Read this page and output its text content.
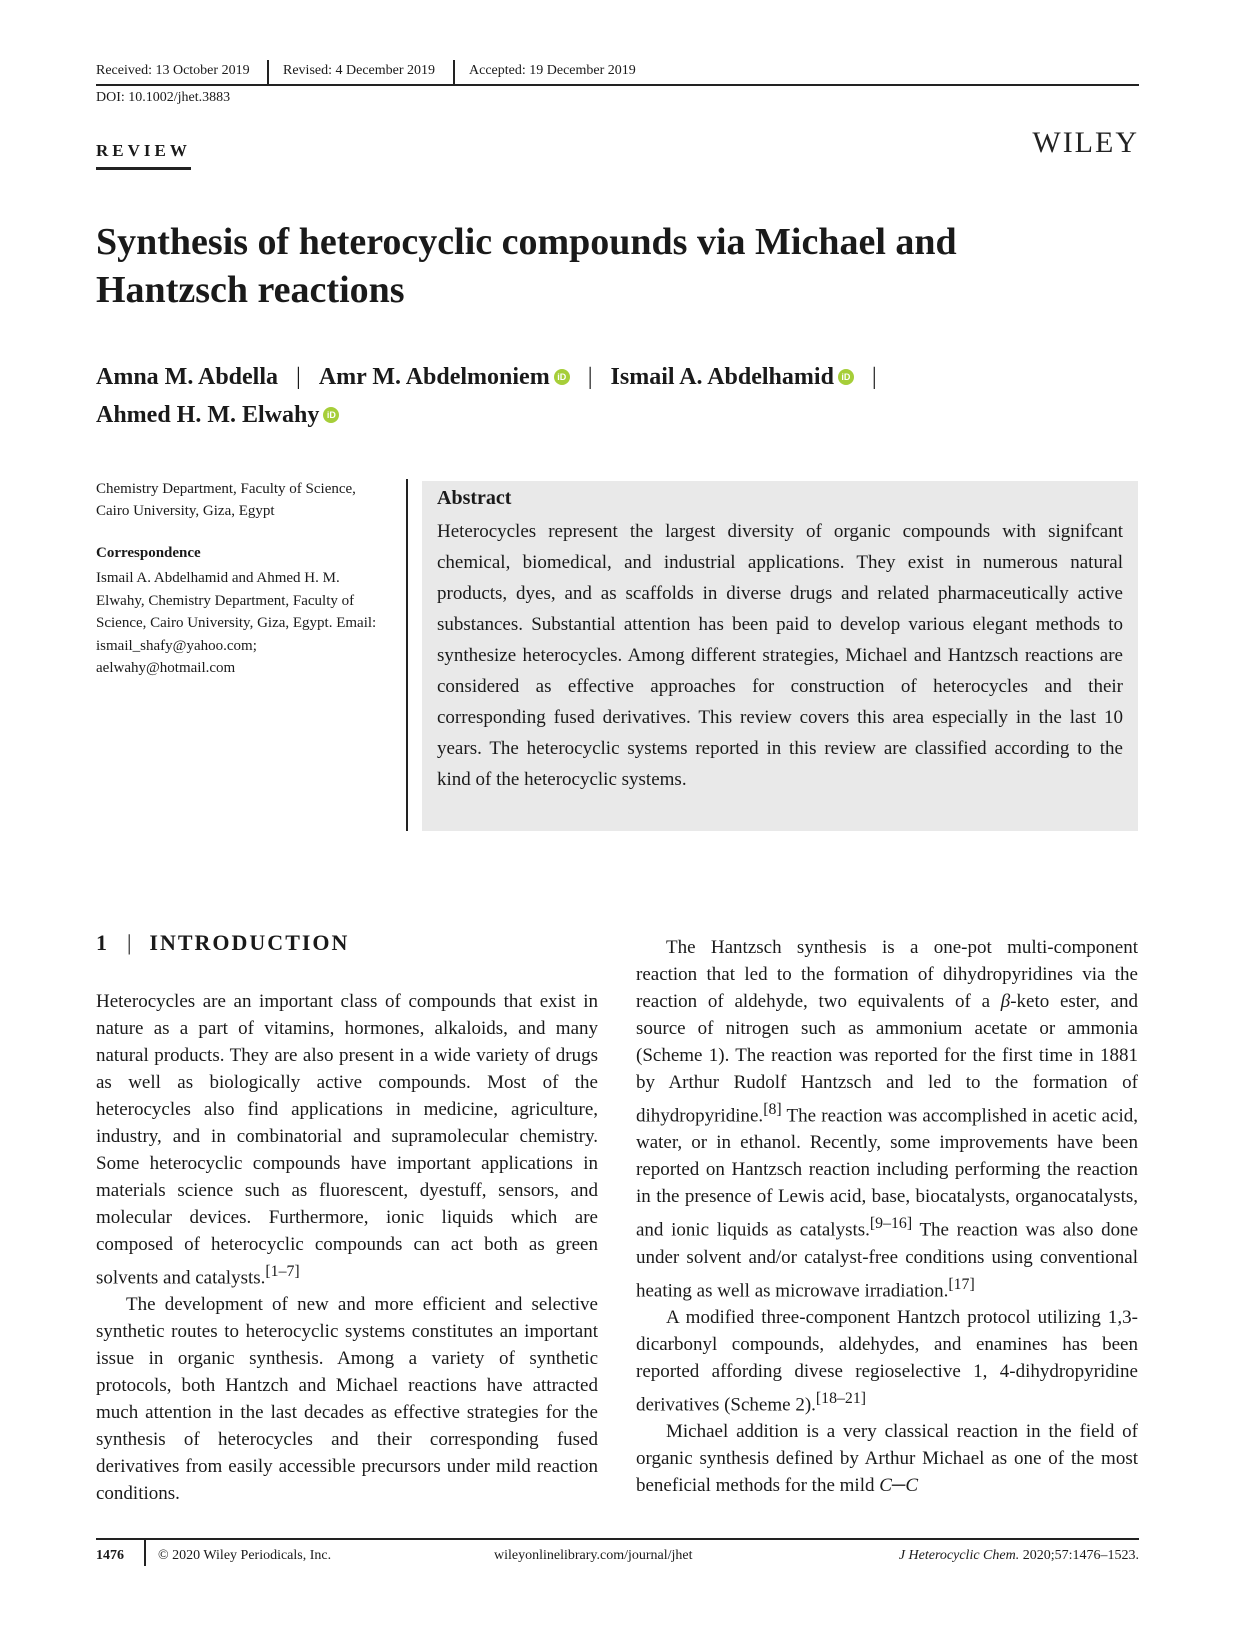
Received: 13 October 2019 Revised: 4 December 2019 Accepted: 19 December 2019
DOI: 10.1002/jhet.3883
REVIEW	WILEY
Synthesis of heterocyclic compounds via Michael and
Hantzsch reactions
Amna M. Abdella | Amr M. Abdelmoniem iD | Ismail A. Abdelhamid iD |
Ahmed H. M. Elwahy iD
Chemistry Department, Faculty of Science, Cairo University, Giza, Egypt
Correspondence
Ismail A. Abdelhamid and Ahmed H. M. Elwahy, Chemistry Department, Faculty of Science, Cairo University, Giza, Egypt. Email: ismail_shafy@yahoo.com; aelwahy@hotmail.com
Abstract
Heterocycles represent the largest diversity of organic compounds with signifcant chemical, biomedical, and industrial applications. They exist in numerous natural products, dyes, and as scaffolds in diverse drugs and related pharmaceutically active substances. Substantial attention has been paid to develop various elegant methods to synthesize heterocycles. Among different strategies, Michael and Hantzsch reactions are considered as effective approaches for construction of heterocycles and their corresponding fused derivatives. This review covers this area especially in the last 10 years. The heterocyclic systems reported in this review are classified according to the kind of the heterocyclic systems.
1 | INTRODUCTION

Heterocycles are an important class of compounds that exist in nature as a part of vitamins, hormones, alkaloids, and many natural products. They are also present in a wide variety of drugs as well as biologically active compounds. Most of the heterocycles also find applications in medicine, agriculture, industry, and in combinatorial and supramolecular chemistry. Some heterocyclic compounds have important applications in materials science such as fluorescent, dyestuff, sensors, and molecular devices. Furthermore, ionic liquids which are composed of heterocyclic compounds can act both as green solvents and catalysts.[1–7]

The development of new and more efficient and selective synthetic routes to heterocyclic systems constitutes an important issue in organic synthesis. Among a variety of synthetic protocols, both Hantzch and Michael reactions have attracted much attention in the last decades as effective strategies for the synthesis of heterocycles and their corresponding fused derivatives from easily accessible precursors under mild reaction conditions.

The Hantzsch synthesis is a one-pot multi-component reaction that led to the formation of dihydropyridines via the reaction of aldehyde, two equivalents of a β-keto ester, and source of nitrogen such as ammonium acetate or ammonia (Scheme 1). The reaction was reported for the first time in 1881 by Arthur Rudolf Hantzsch and led to the formation of dihydropyridine.[8] The reaction was accomplished in acetic acid, water, or in ethanol. Recently, some improvements have been reported on Hantzsch reaction including performing the reaction in the presence of Lewis acid, base, biocatalysts, organocatalysts, and ionic liquids as catalysts.[9–16] The reaction was also done under solvent and/or catalyst-free conditions using conventional heating as well as microwave irradiation.[17]

A modified three-component Hantzch protocol utilizing 1,3-dicarbonyl compounds, aldehydes, and enamines has been reported affording divese regioselective 1, 4-dihydropyridine derivatives (Scheme 2).[18–21]

Michael addition is a very classical reaction in the field of organic synthesis defined by Arthur Michael as one of the most beneficial methods for the mild C─C

1476 © 2020 Wiley Periodicals, Inc.	wileyonlinelibrary.com/journal/jhet	J Heterocyclic Chem. 2020;57:1476–1523.
